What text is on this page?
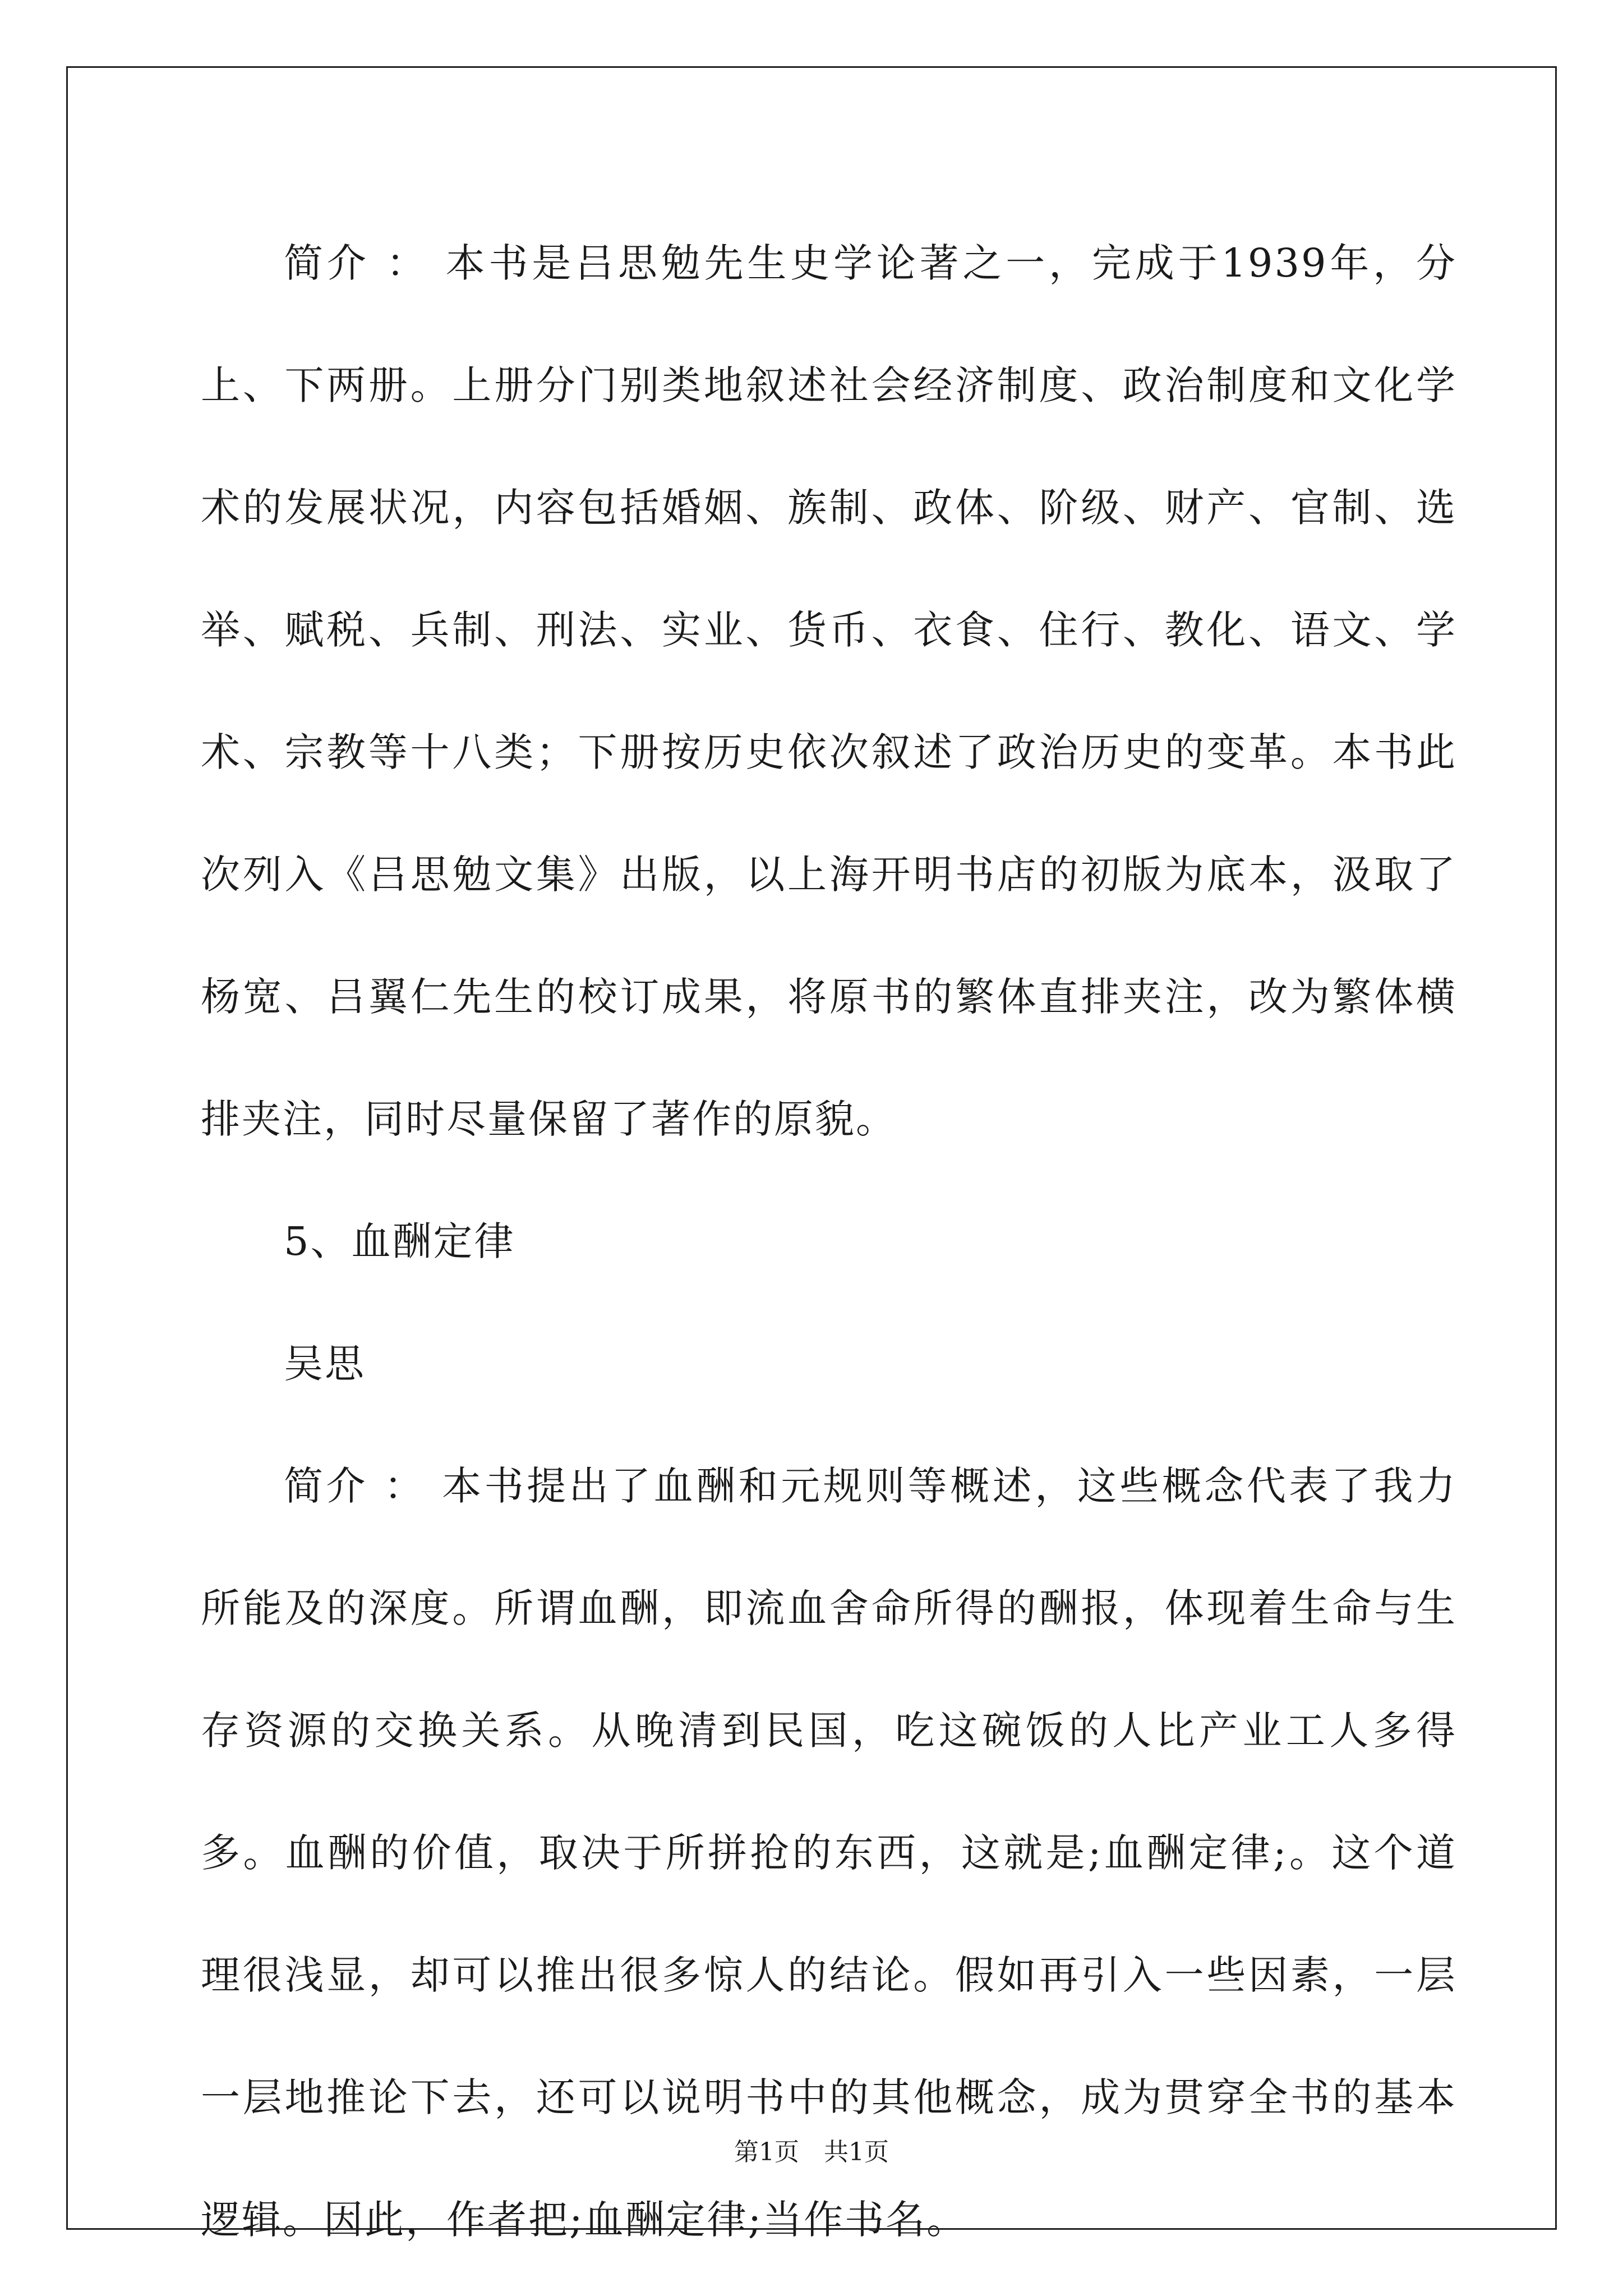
简介 ： 本书是吕思勉先生史学论著之一，完成于1939年，分上、下两册。上册分门别类地叙述社会经济制度、政治制度和文化学术的发展状况，内容包括婚姻、族制、政体、阶级、财产、官制、选举、赋税、兵制、刑法、实业、货币、衣食、住行、教化、语文、学术、宗教等十八类；下册按历史依次叙述了政治历史的变革。本书此次列入《吕思勉文集》出版，以上海开明书店的初版为底本，汲取了杨宽、吕翼仁先生的校订成果，将原书的繁体直排夹注，改为繁体横排夹注，同时尽量保留了著作的原貌。

5、血酬定律

吴思

简介 ： 本书提出了血酬和元规则等概述，这些概念代表了我力所能及的深度。所谓血酬，即流血舍命所得的酬报，体现着生命与生存资源的交换关系。从晚清到民国，吃这碗饭的人比产业工人多得多。血酬的价值，取决于所拼抢的东西，这就是;血酬定律;。这个道理很浅显，却可以推出很多惊人的结论。假如再引入一些因素，一层一层地推论下去，还可以说明书中的其他概念，成为贯穿全书的基本逻辑。因此，作者把;血酬定律;当作书名。

第1页 共1页
